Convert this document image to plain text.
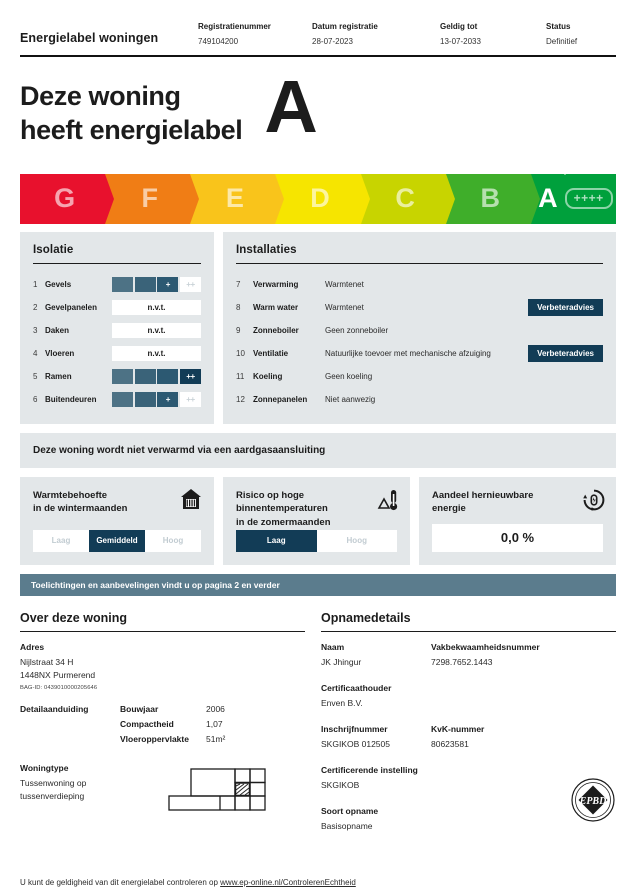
Energielabel woningen
Registratienummer
749104200
Datum registratie
28-07-2023
Geldig tot
13-07-2033
Status
Definitief
Deze woning
heeft energielabel A
G F	E D C B A	++++
Isolatie
1 Gevels	+	++
2 Gevelpanelen	n.v.t.
3 Daken	n.v.t.
4 Vloeren	n.v.t.
5 Ramen	++
6 Buitendeuren	+	++
Installaties
7	Verwarming	Warmtenet
8	Warm water	Warmtenet	Verbeteradvies
9	Zonneboiler	Geen zonneboiler
10	Ventilatie	Natuurlijke toevoer met mechanische afzuiging	Verbeteradvies
11	Koeling	Geen koeling
12	Zonnepanelen	Niet aanwezig
Deze woning wordt niet verwarmd via een aardgasaansluiting
Warmtebehoefte
in de wintermaanden
Laag	Gemiddeld	Hoog
Risico op hoge
binnentemperaturen
in de zomermaanden
Laag	Hoog
Aandeel hernieuwbare
energie
0,0 %
Toelichtingen en aanbevelingen vindt u op pagina 2 en verder
Over deze woning
Adres
Nijlstraat 34 H
1448NX Purmerend
BAG-ID: 0439010000205646
Detailaanduiding	Bouwjaar	2006
Compactheid	1,07
Vloeroppervlakte	51m²
Woningtype
Tussenwoning op
tussenverdieping
Opnamedetails
Naam
JK Jhingur
Vakbekwaamheidsnummer
7298.7652.1443
Certificaathouder
Enven B.V.
Inschrijfnummer
SKGIKOB 012505
KvK-nummer
80623581
Certificerende instelling
SKGIKOB
Soort opname
Basisopname
EPBD
U kunt de geldigheid van dit energielabel controleren op www.ep-online.nl/ControlerenEchtheid
